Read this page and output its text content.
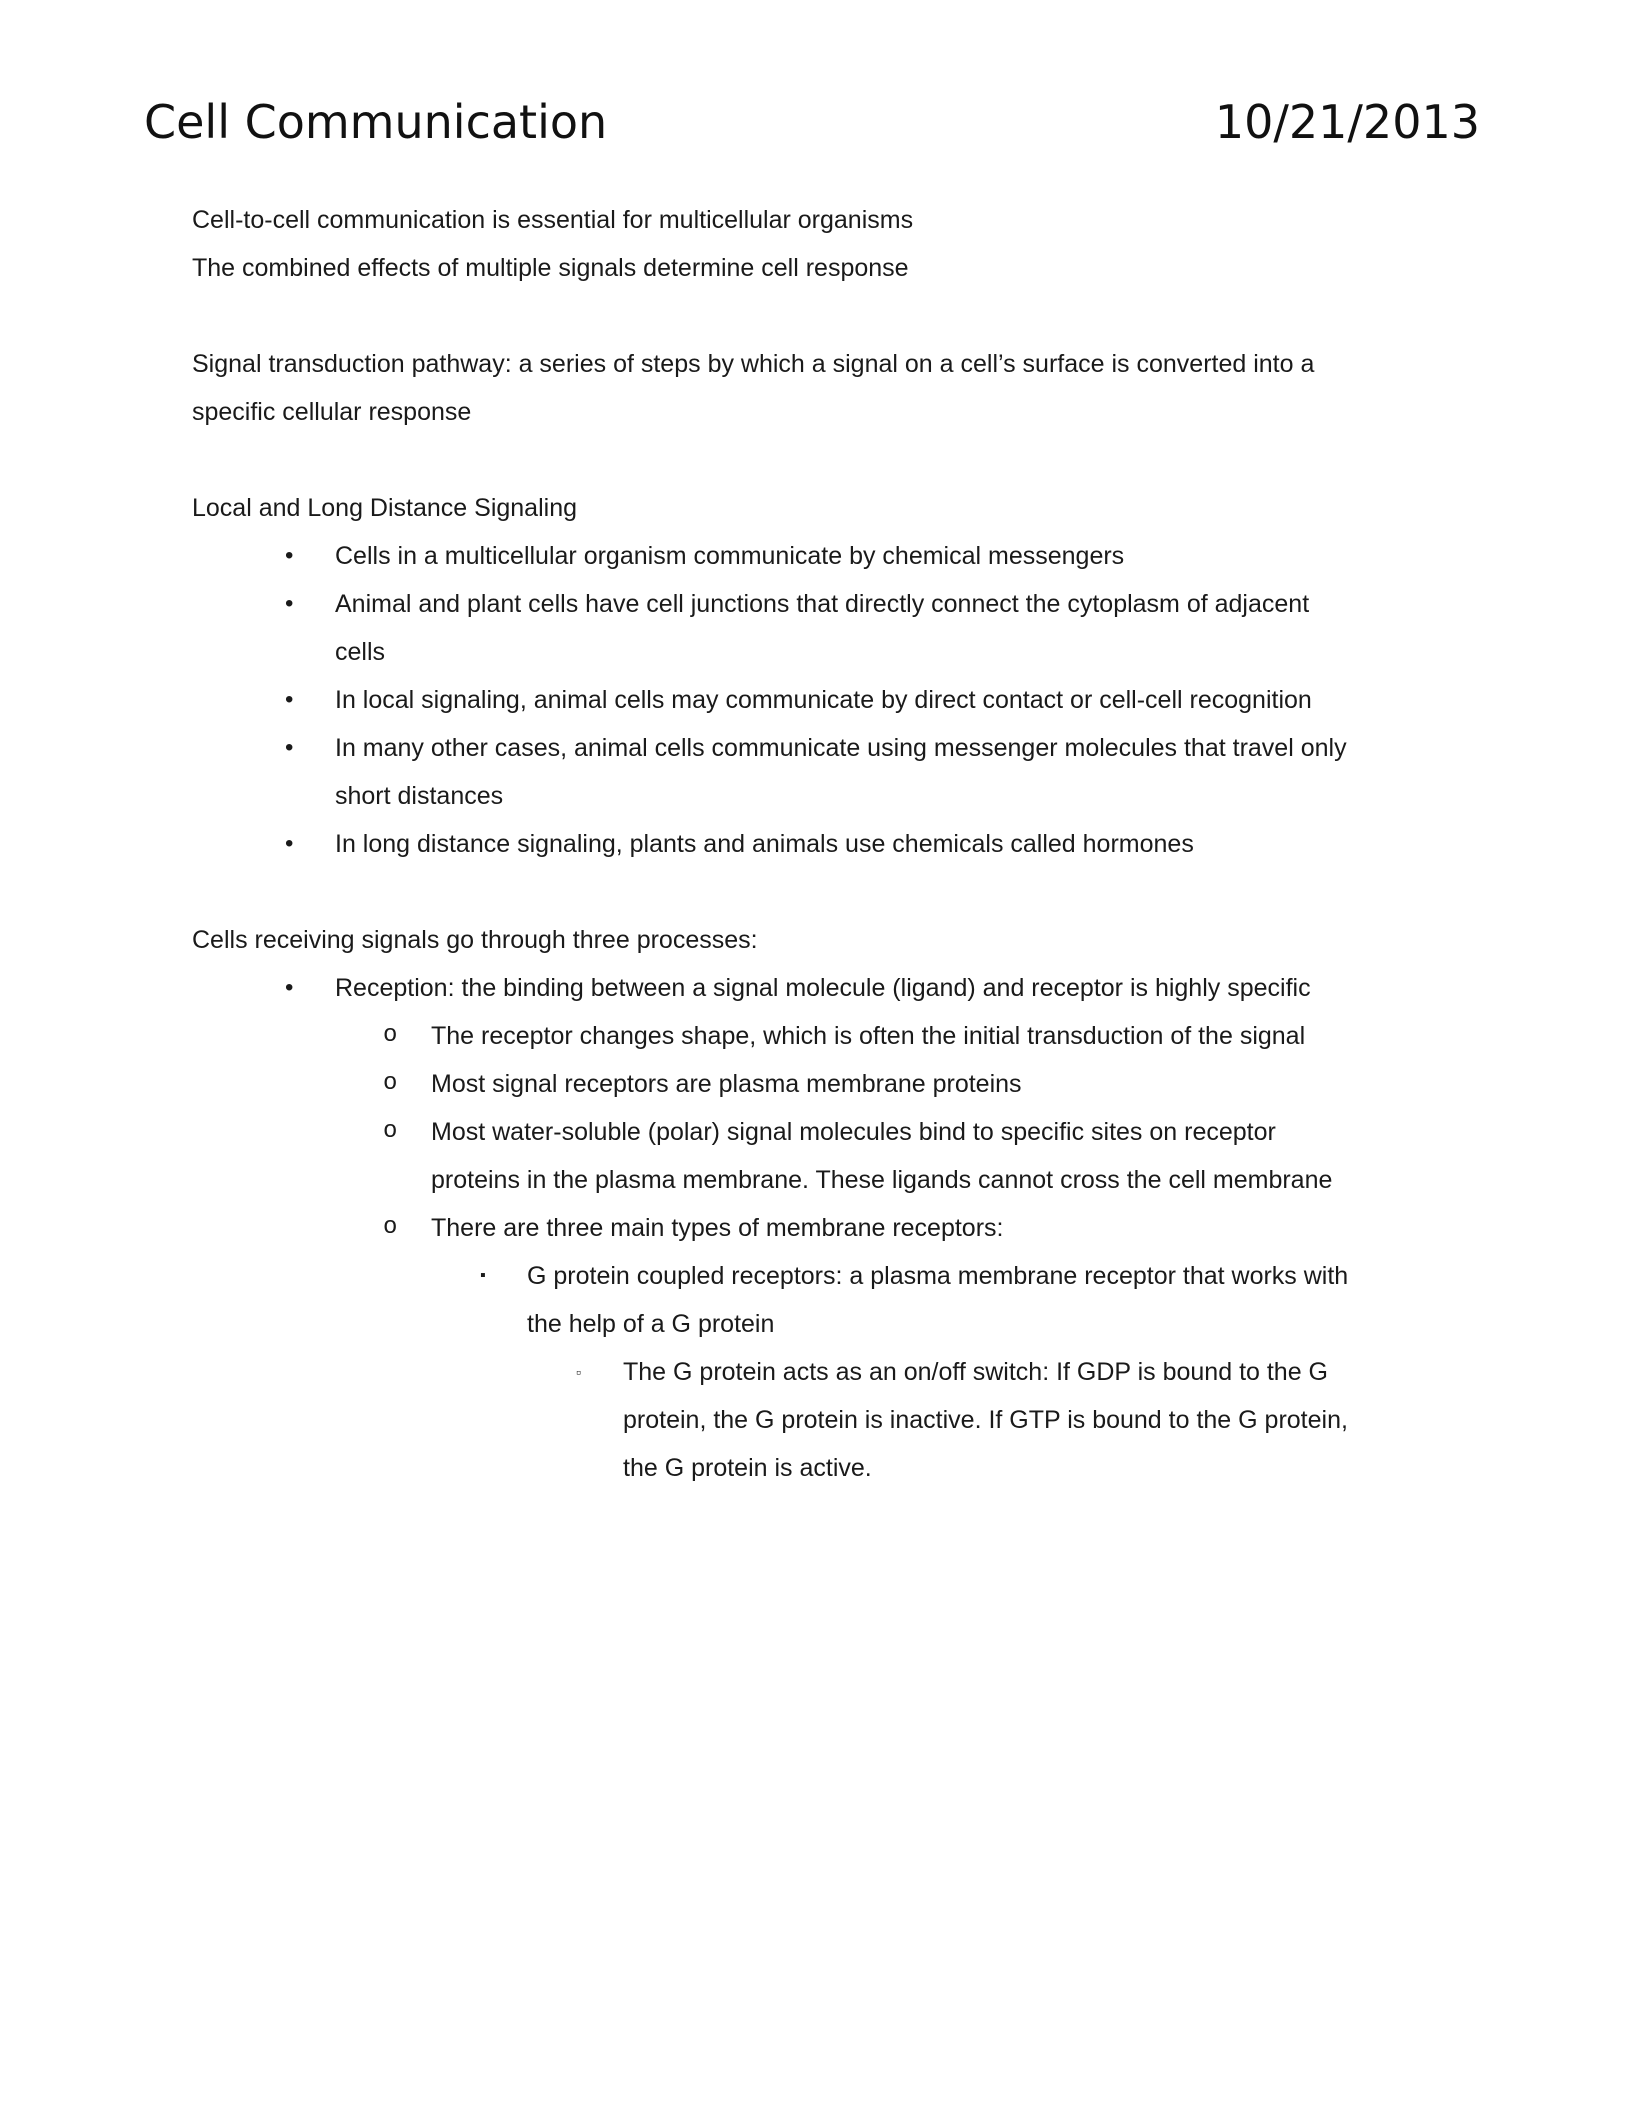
Cell Communication	10/21/2013

Cell-to-cell communication is essential for multicellular organisms

The combined effects of multiple signals determine cell response

Signal transduction pathway: a series of steps by which a signal on a cell’s surface is converted into a

specific cellular response

Local and Long Distance Signaling

• Cells in a multicellular organism communicate by chemical messengers
• Animal and plant cells have cell junctions that directly connect the cytoplasm of adjacent
cells
• In local signaling, animal cells may communicate by direct contact or cell-cell recognition
• In many other cases, animal cells communicate using messenger molecules that travel only
short distances
• In long distance signaling, plants and animals use chemicals called hormones

Cells receiving signals go through three processes:

• Reception: the binding between a signal molecule (ligand) and receptor is highly specific
o The receptor changes shape, which is often the initial transduction of the signal
o Most signal receptors are plasma membrane proteins
o Most water-soluble (polar) signal molecules bind to specific sites on receptor
proteins in the plasma membrane. These ligands cannot cross the cell membrane
o There are three main types of membrane receptors:
▪ G protein coupled receptors: a plasma membrane receptor that works with
the help of a G protein
▫ The G protein acts as an on/off switch: If GDP is bound to the G
protein, the G protein is inactive. If GTP is bound to the G protein,
the G protein is active.
